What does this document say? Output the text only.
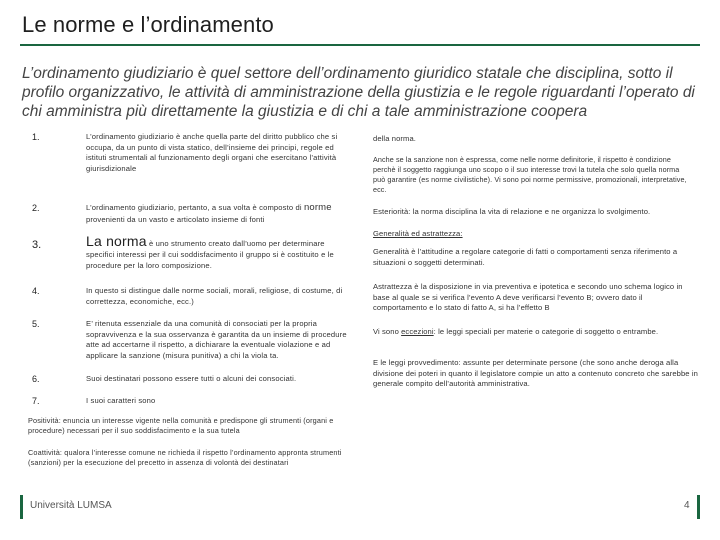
Le norme e l’ordinamento
L’ordinamento giudiziario è quel settore dell’ordinamento giuridico statale che disciplina, sotto il profilo organizzativo, le attività di amministrazione della giustizia e le regole riguardanti l’operato di chi amministra più direttamente la giustizia e di chi a tale amministrazione coopera
1.	L’ordinamento giudiziario è anche quella parte del diritto pubblico che si occupa, da un punto di vista statico, dell’insieme dei principi, regole ed istituti strumentali al funzionamento degli organi che esercitano l’attività giurisdizionale
2.	L’ordinamento giudiziario, pertanto, a sua volta è composto di norme provenienti da un vasto e articolato insieme di fonti
3.	La norma è uno strumento creato dall’uomo per determinare specifici interessi per il cui soddisfacimento il gruppo si è costituito e le procedure per la loro composizione.
4.	In questo si distingue dalle norme sociali, morali, religiose, di costume, di correttezza, economiche, ecc.)
5.	E’ ritenuta essenziale da una comunità di consociati per la propria sopravvivenza e la sua osservanza è garantita da un insieme di procedure atte ad accertarne il rispetto, a dichiarare la eventuale violazione e ad applicare la sanzione (misura punitiva) a chi la viola ta.
6.	Suoi destinatari possono essere tutti o alcuni dei consociati.
7.	I suoi caratteri sono
Positività: enuncia un interesse vigente nella comunità e predispone gli strumenti (organi e procedure) necessari per il suo soddisfacimento e la sua tutela
Coattività: qualora l’interesse comune ne richieda il rispetto l’ordinamento appronta strumenti (sanzioni) per la esecuzione del precetto in assenza di volontà dei destinatari
della norma.
Anche se la sanzione non è espressa, come nelle norme definitorie, il rispetto è condizione perchè il soggetto raggiunga uno scopo o il suo interesse trovi la tutela che solo quella norma può garantire (es norme civilistiche). Vi sono poi norme permissive, promozionali, interpretative, ecc.
Esteriorità: la norma disciplina la vita di relazione e ne organizza lo svolgimento.
Generalità ed astrattezza:
Generalità è l’attitudine a regolare categorie di fatti o comportamenti senza riferimento a situazioni o soggetti determinati.
Astrattezza è la disposizione in via preventiva e ipotetica e secondo uno schema logico in base al quale se si verifica l’evento A deve verificarsi l’evento B; ovvero dato il comportamento e lo stato di fatto A, si ha l’effetto B
Vi sono eccezioni: le leggi speciali per materie o categorie di soggetto o entrambe.
E le leggi provvedimento: assunte per determinate persone (che sono anche deroga alla divisione dei poteri in quanto il legislatore compie un atto a contenuto concreto che sarebbe in generale compito dell’autorità amministrativa.
Università LUMSA	4
